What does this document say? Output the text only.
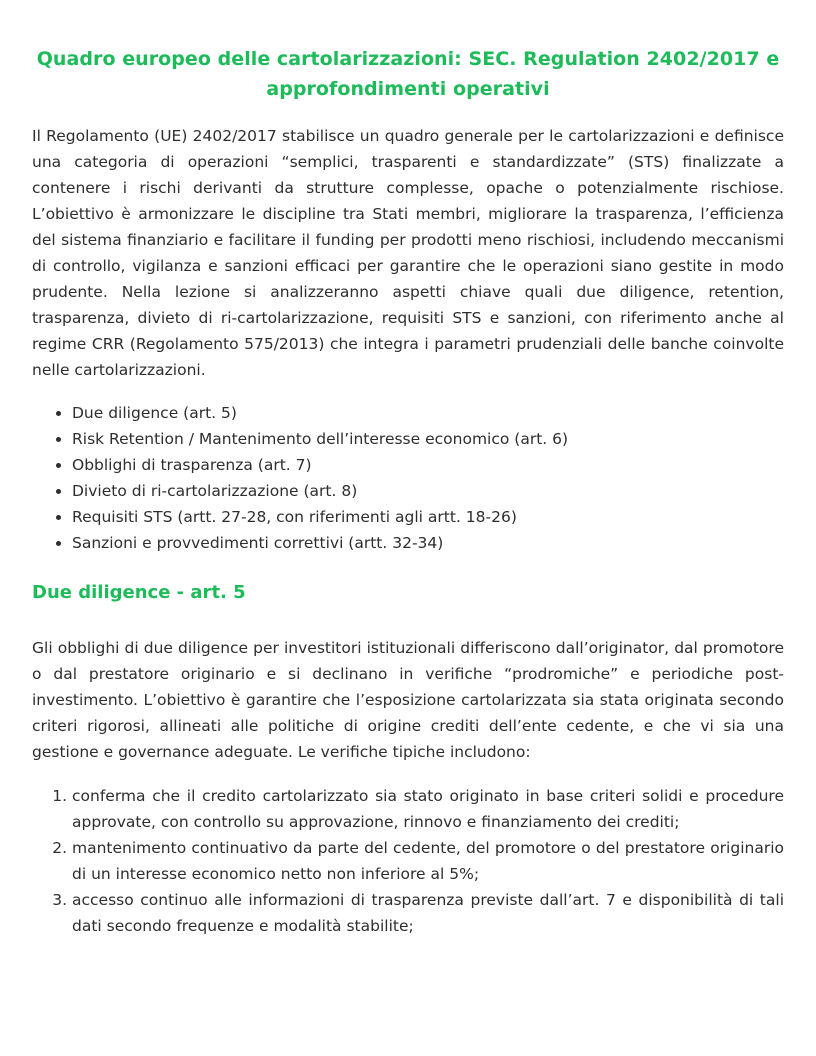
Quadro europeo delle cartolarizzazioni: SEC. Regulation 2402/2017 e approfondimenti operativi

Il Regolamento (UE) 2402/2017 stabilisce un quadro generale per le cartolarizzazioni e definisce una categoria di operazioni “semplici, trasparenti e standardizzate” (STS) finalizzate a contenere i rischi derivanti da strutture complesse, opache o potenzialmente rischiose. L’obiettivo è armonizzare le discipline tra Stati membri, migliorare la trasparenza, l’efficienza del sistema finanziario e facilitare il funding per prodotti meno rischiosi, includendo meccanismi di controllo, vigilanza e sanzioni efficaci per garantire che le operazioni siano gestite in modo prudente. Nella lezione si analizzeranno aspetti chiave quali due diligence, retention, trasparenza, divieto di ri-cartolarizzazione, requisiti STS e sanzioni, con riferimento anche al regime CRR (Regolamento 575/2013) che integra i parametri prudenziali delle banche coinvolte nelle cartolarizzazioni.

• Due diligence (art. 5)
• Risk Retention / Mantenimento dell’interesse economico (art. 6)
• Obblighi di trasparenza (art. 7)
• Divieto di ri-cartolarizzazione (art. 8)
• Requisiti STS (artt. 27-28, con riferimenti agli artt. 18-26)
• Sanzioni e provvedimenti correttivi (artt. 32-34)
Due diligence - art. 5

Gli obblighi di due diligence per investitori istituzionali differiscono dall’originator, dal promotore o dal prestatore originario e si declinano in verifiche “prodromiche” e periodiche post-investimento. L’obiettivo è garantire che l’esposizione cartolarizzata sia stata originata secondo criteri rigorosi, allineati alle politiche di origine crediti dell’ente cedente, e che vi sia una gestione e governance adeguate. Le verifiche tipiche includono:

1. conferma che il credito cartolarizzato sia stato originato in base criteri solidi e procedure approvate, con controllo su approvazione, rinnovo e finanziamento dei crediti;
2. mantenimento continuativo da parte del cedente, del promotore o del prestatore originario di un interesse economico netto non inferiore al 5%;
3. accesso continuo alle informazioni di trasparenza previste dall’art. 7 e disponibilità di tali dati secondo frequenze e modalità stabilite;
